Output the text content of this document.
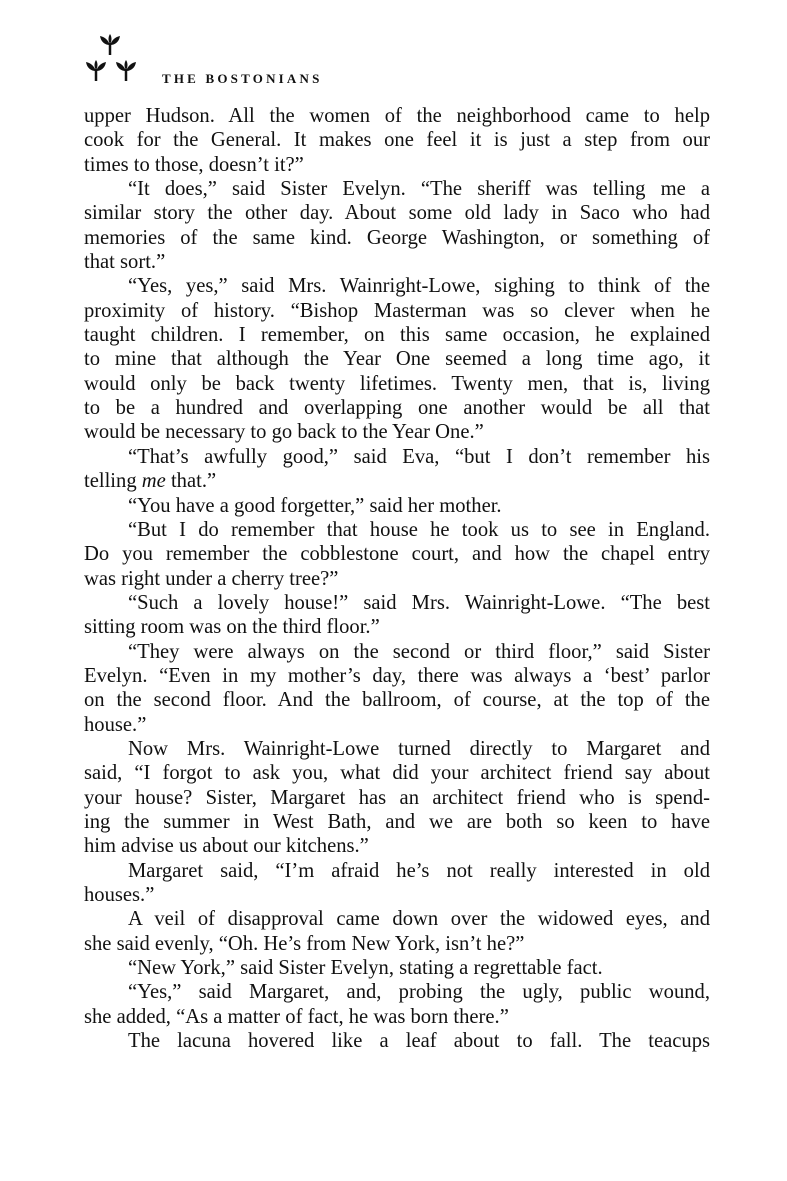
THE BOSTONIANS
upper Hudson. All the women of the neighborhood came to help
cook for the General. It makes one feel it is just a step from our
times to those, doesn’t it?”
“It does,” said Sister Evelyn. “The sheriff was telling me a
similar story the other day. About some old lady in Saco who had
memories of the same kind. George Washington, or something of
that sort.”
“Yes, yes,” said Mrs. Wainright-Lowe, sighing to think of the
proximity of history. “Bishop Masterman was so clever when he
taught children. I remember, on this same occasion, he explained
to mine that although the Year One seemed a long time ago, it
would only be back twenty lifetimes. Twenty men, that is, living
to be a hundred and overlapping one another would be all that
would be necessary to go back to the Year One.”
“That’s awfully good,” said Eva, “but I don’t remember his
telling me that.”
“You have a good forgetter,” said her mother.
“But I do remember that house he took us to see in England.
Do you remember the cobblestone court, and how the chapel entry
was right under a cherry tree?”
“Such a lovely house!” said Mrs. Wainright-Lowe. “The best
sitting room was on the third floor.”
“They were always on the second or third floor,” said Sister
Evelyn. “Even in my mother’s day, there was always a ‘best’ parlor
on the second floor. And the ballroom, of course, at the top of the
house.”
Now Mrs. Wainright-Lowe turned directly to Margaret and
said, “I forgot to ask you, what did your architect friend say about
your house? Sister, Margaret has an architect friend who is spend-
ing the summer in West Bath, and we are both so keen to have
him advise us about our kitchens.”
Margaret said, “I’m afraid he’s not really interested in old
houses.”
A veil of disapproval came down over the widowed eyes, and
she said evenly, “Oh. He’s from New York, isn’t he?”
“New York,” said Sister Evelyn, stating a regrettable fact.
“Yes,” said Margaret, and, probing the ugly, public wound,
she added, “As a matter of fact, he was born there.”
The lacuna hovered like a leaf about to fall. The teacups
